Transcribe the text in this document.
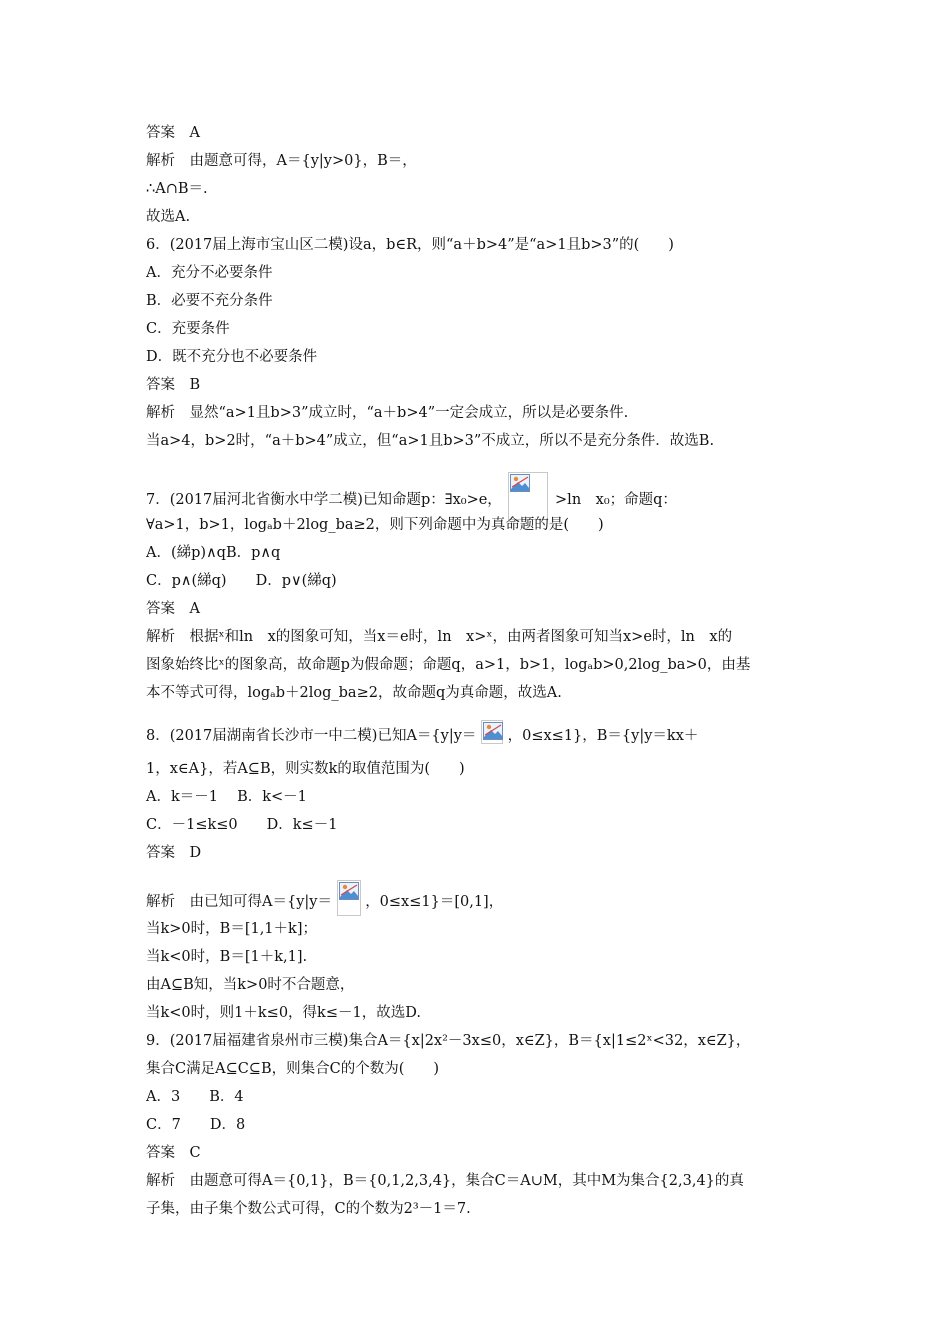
答案　A
解析　由题意可得，A＝{y|y>0}，B＝，
∴A∩B＝.
故选A.
6．(2017届上海市宝山区二模)设a，b∈R，则“a＋b>4”是“a>1且b>3”的(　　)
A．充分不必要条件
B．必要不充分条件
C．充要条件
D．既不充分也不必要条件
答案　B
解析　显然“a>1且b>3”成立时，“a＋b>4”一定会成立，所以是必要条件.
当a>4，b>2时，“a＋b>4”成立，但“a>1且b>3”不成立，所以不是充分条件．故选B.
7．(2017届河北省衡水中学二模)已知命题p：∃x₀>e，	>ln　x₀；命题q：
∀a>1，b>1，logₐb＋2log_ba≥2，则下列命题中为真命题的是(　　)
A．(綈p)∧qB．p∧q
C．p∧(綈q)　　D．p∨(綈q)
答案　A
解析　根据ˣ和ln　x的图象可知，当x＝e时，ln　x>ˣ，由两者图象可知当x>e时，ln　x的
图象始终比ˣ的图象高，故命题p为假命题；命题q，a>1，b>1，logₐb>0,2log_ba>0，由基
本不等式可得，logₐb＋2log_ba≥2，故命题q为真命题，故选A.
8．(2017届湖南省长沙市一中二模)已知A＝{y|y＝ ，0≤x≤1}，B＝{y|y＝kx＋
1，x∈A}，若A⊆B，则实数k的取值范围为(　　)
A．k＝－1　 B．k<－1
C．－1≤k≤0　　D．k≤－1
答案　D
解析　由已知可得A＝{y|y＝ ，0≤x≤1}＝[0,1]，
当k>0时，B＝[1,1＋k]；
当k<0时，B＝[1＋k,1].
由A⊆B知，当k>0时不合题意，
当k<0时，则1＋k≤0，得k≤－1，故选D.
9．(2017届福建省泉州市三模)集合A＝{x|2x²－3x≤0，x∈Z}，B＝{x|1≤2ˣ<32，x∈Z}，
集合C满足A⊆C⊆B，则集合C的个数为(　　)
A．3　　B．4
C．7　　D．8
答案　C
解析　由题意可得A＝{0,1}，B＝{0,1,2,3,4}，集合C＝A∪M，其中M为集合{2,3,4}的真
子集，由子集个数公式可得，C的个数为2³－1＝7.
